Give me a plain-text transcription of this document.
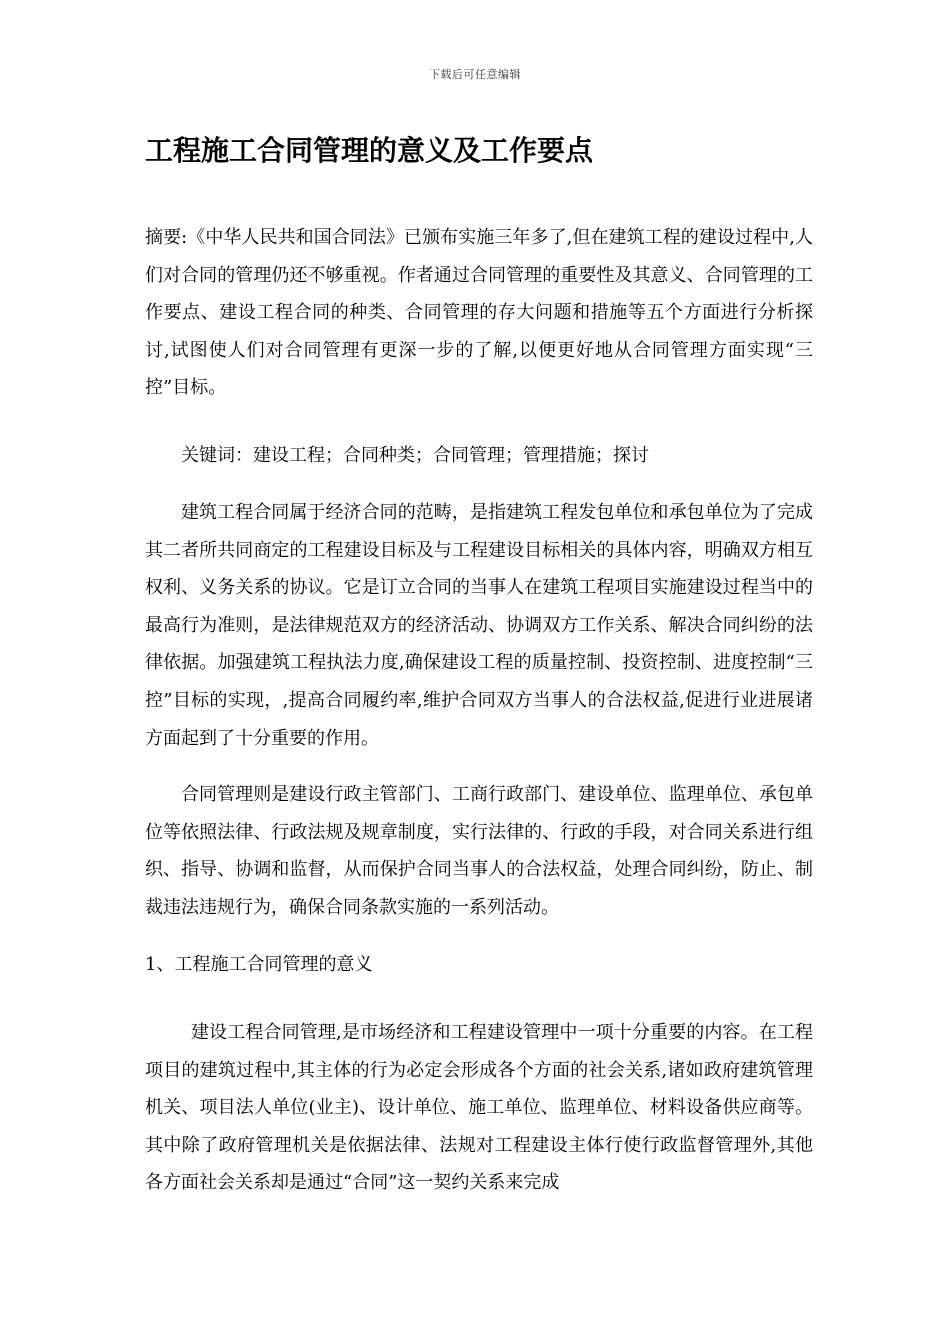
下载后可任意编辑
工程施工合同管理的意义及工作要点

摘要:《中华人民共和国合同法》已颁布实施三年多了,但在建筑工程的建设过程中,人们对合同的管理仍还不够重视。作者通过合同管理的重要性及其意义、合同管理的工作要点、建设工程合同的种类、合同管理的存大问题和措施等五个方面进行分析探讨,试图使人们对合同管理有更深一步的了解,以便更好地从合同管理方面实现“三控”目标。

关键词：建设工程；合同种类；合同管理；管理措施；探讨

建筑工程合同属于经济合同的范畴，是指建筑工程发包单位和承包单位为了完成其二者所共同商定的工程建设目标及与工程建设目标相关的具体内容，明确双方相互权利、义务关系的协议。它是订立合同的当事人在建筑工程项目实施建设过程当中的最高行为准则，是法律规范双方的经济活动、协调双方工作关系、解决合同纠纷的法律依据。加强建筑工程执法力度,确保建设工程的质量控制、投资控制、进度控制“三控”目标的实现，,提高合同履约率,维护合同双方当事人的合法权益,促进行业进展诸方面起到了十分重要的作用。

合同管理则是建设行政主管部门、工商行政部门、建设单位、监理单位、承包单位等依照法律、行政法规及规章制度，实行法律的、行政的手段，对合同关系进行组织、指导、协调和监督，从而保护合同当事人的合法权益，处理合同纠纷，防止、制裁违法违规行为，确保合同条款实施的一系列活动。

1、工程施工合同管理的意义

建设工程合同管理,是市场经济和工程建设管理中一项十分重要的内容。在工程项目的建筑过程中,其主体的行为必定会形成各个方面的社会关系,诸如政府建筑管理机关、项目法人单位(业主)、设计单位、施工单位、监理单位、材料设备供应商等。其中除了政府管理机关是依据法律、法规对工程建设主体行使行政监督管理外,其他各方面社会关系却是通过“合同”这一契约关系来完成
